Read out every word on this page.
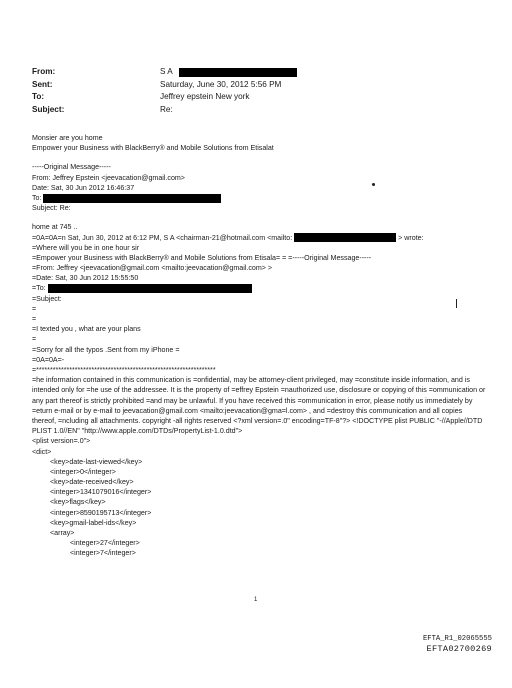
From:	S A
Sent:	Saturday, June 30, 2012 5:56 PM
To:	Jeffrey epstein New york
Subject:	Re:
Monsier are you home
Empower your Business with BlackBerry® and Mobile Solutions from Etisalat
-----Original Message-----
From: Jeffrey Epstein <jeevacation@gmail.com>
Date: Sat, 30 Jun 2012 16:46:37
To:
Subject: Re:
home at 745 ..
=0A=0A=n Sat, Jun 30, 2012 at 6:12 PM, S A <chairman-21@hotmail.com <mailto:	> wrote:
=Where will you be in one hour sir
=Empower your Business with BlackBerry® and Mobile Solutions from Etisala= = =-----Original Message-----
=From: Jeffrey <jeevacation@gmail.com <mailto:jeevacation@gmail.com> >
=Date: Sat, 30 Jun 2012 15:55:50
=To:
=Subject:
=
=
=I texted you , what are your plans
=
=Sorry for all the typos .Sent from my iPhone =
=0A=0A=-
=*****************************************************************
=he information contained in this communication is =onfidential, may be attorney-client privileged, may =constitute inside information, and is intended only for =he use of the addressee. It is the property of =effrey Epstein =nauthorized use, disclosure or copying of this =ommunication or any part thereof is strictly prohibited =and may be unlawful. If you have received this =ommunication in error, please notify us immediately by =eturn e-mail or by e-mail to jeevacation@gmail.com <mailto:jeevacation@gma=l.com> , and =destroy this communication and all copies thereof, =ncluding all attachments. copyright -all rights reserved <?xml version=.0" encoding=TF-8"?> <!DOCTYPE plist PUBLIC "-//Apple//DTD PLIST 1.0//EN" "http://www.apple.com/DTDs/PropertyList-1.0.dtd">
<plist version=.0">
<dict>
<key>date-last-viewed</key>
<integer>0</integer>
<key>date-received</key>
<integer>1341079016</integer>
<key>flags</key>
<integer>8590195713</integer>
<key>gmail-label-ids</key>
<array>
<integer>27</integer>
<integer>7</integer>
1
EFTA_R1_02065555
EFTA02700269
